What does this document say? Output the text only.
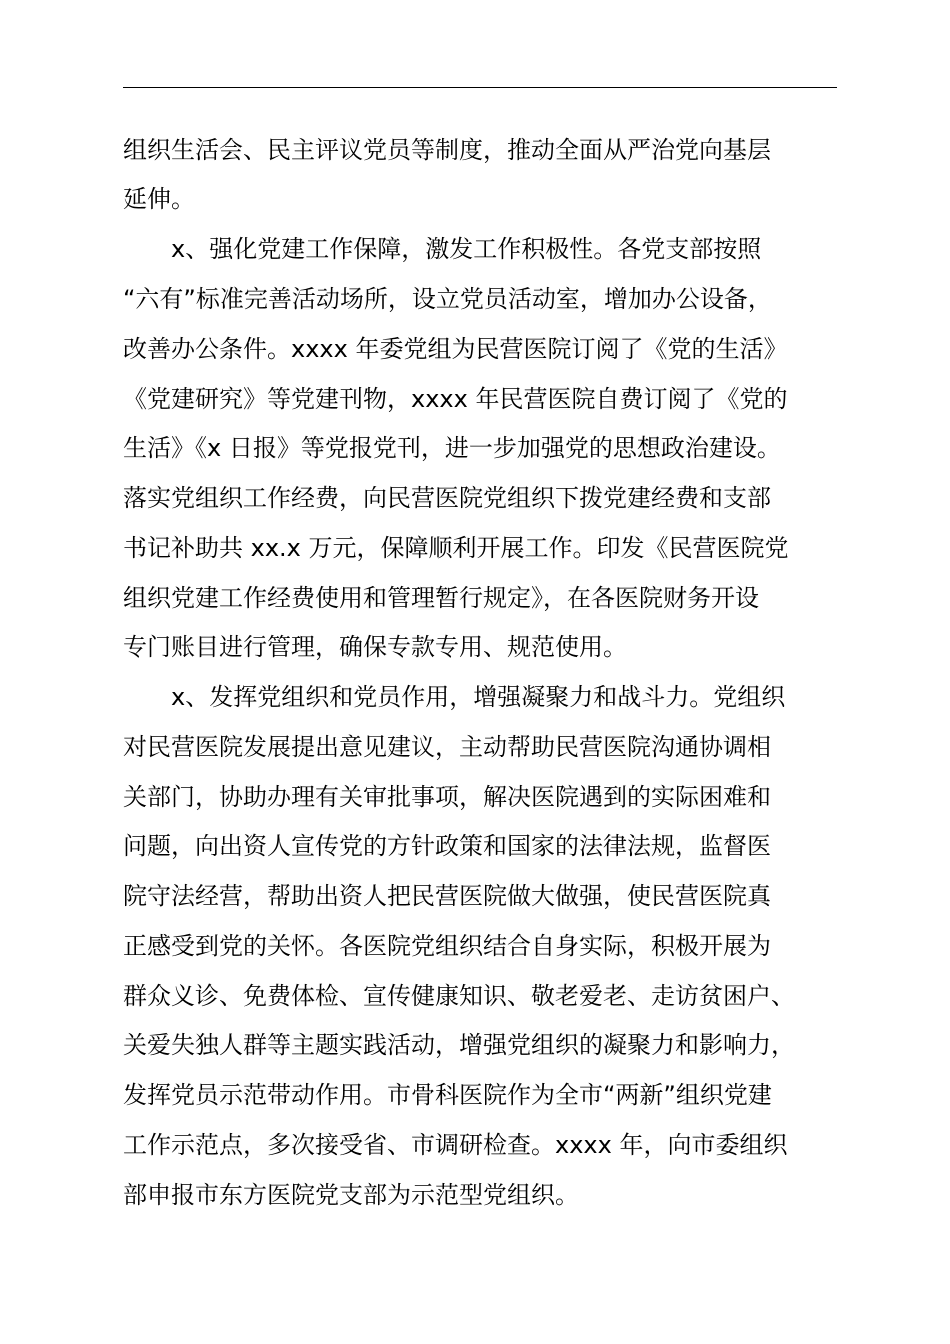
组织生活会、民主评议党员等制度，推动全面从严治党向基层
延伸。
x、强化党建工作保障，激发工作积极性。各党支部按照
“六有”标准完善活动场所，设立党员活动室，增加办公设备，
改善办公条件。xxxx 年委党组为民营医院订阅了《党的生活》
《党建研究》等党建刊物，xxxx 年民营医院自费订阅了《党的
生活》《x 日报》等党报党刊，进一步加强党的思想政治建设。
落实党组织工作经费，向民营医院党组织下拨党建经费和支部
书记补助共 xx.x 万元，保障顺利开展工作。印发《民营医院党
组织党建工作经费使用和管理暂行规定》，在各医院财务开设
专门账目进行管理，确保专款专用、规范使用。
x、发挥党组织和党员作用，增强凝聚力和战斗力。党组织
对民营医院发展提出意见建议，主动帮助民营医院沟通协调相
关部门，协助办理有关审批事项，解决医院遇到的实际困难和
问题，向出资人宣传党的方针政策和国家的法律法规，监督医
院守法经营，帮助出资人把民营医院做大做强，使民营医院真
正感受到党的关怀。各医院党组织结合自身实际，积极开展为
群众义诊、免费体检、宣传健康知识、敬老爱老、走访贫困户、
关爱失独人群等主题实践活动，增强党组织的凝聚力和影响力，
发挥党员示范带动作用。市骨科医院作为全市“两新”组织党建
工作示范点，多次接受省、市调研检查。xxxx 年，向市委组织
部申报市东方医院党支部为示范型党组织。
